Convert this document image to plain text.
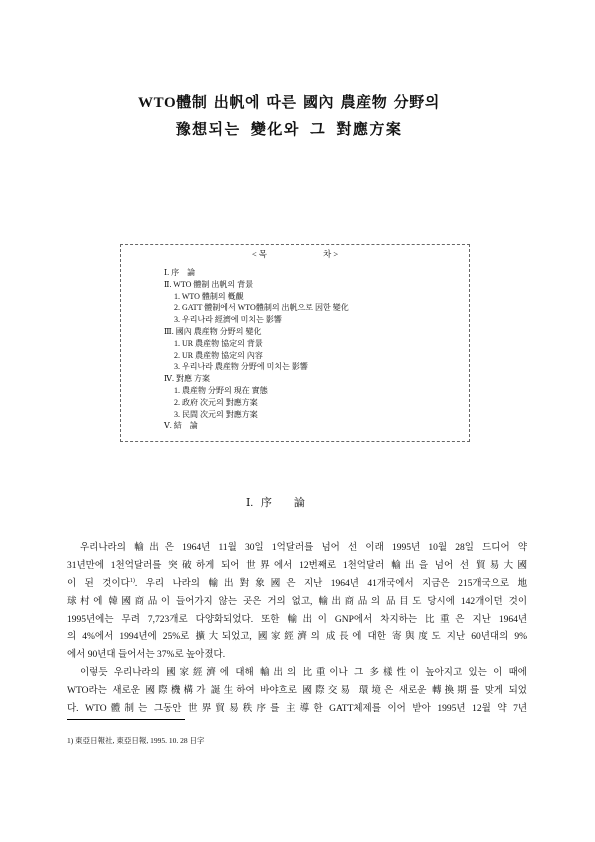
WTO體制 出帆에 따른 國內 農産物 分野의
豫想되는 變化와 그 對應方案
< 목	차 >
Ⅰ. 序　論
Ⅱ. WTO 體制 出帆의 背景
1. WTO 體制의 槪觀
2. GATT 體制에서 WTO體制의 出帆으로 因한 變化
3. 우리나라 經濟에 미치는 影響
Ⅲ. 國內 農産物 分野의 變化
1. UR 農産物 協定의 背景
2. UR 農産物 協定의 內容
3. 우리나라 農産物 分野에 미치는 影響
Ⅳ. 對應 方案
1. 農産物 分野의 現在 實態
2. 政府 次元의 對應方案
3. 民間 次元의 對應方案
Ⅴ. 結　論
Ⅰ. 序　　論
우리나라의 輸出은 1964년 11월 30일 1억달러를 넘어 선 이래 1995년 10월 28일 드디어 약
31년만에 1천억달러를 突破하게 되어 世界에서 12번째로 1천억달러 輸出을 넘어 선 貿易大國
이 된 것이다$^{1)}$. 우리 나라의 輸出對象國은 지난 1964년 41개국에서 지금은 215개국으로 地
球村에 韓國商品이 들어가지 않는 곳은 거의 없고, 輸出商品의 品目도 당시에 142개이던 것이
1995년에는 무려 7,723개로 다양화되었다. 또한 輸出이 GNP에서 차지하는 比重은 지난 1964년
의 4%에서 1994년에 25%로 擴大되었고, 國家經濟의 成長에 대한 寄與度도 지난 60년대의 9%
에서 90년대 들어서는 37%로 높아졌다.
이렇듯 우리나라의 國家經濟에 대해 輸出의 比重이나 그 多樣性이 높아지고 있는 이 때에
WTO라는 새로운 國際機構가 誕生하여 바야흐로 國際交易 環境은 새로운 轉換期를 맞게 되었
다. WTO體制는 그동안 世界貿易秩序를 主導한 GATT체제를 이어 받아 1995년 12월 약 7년
1) 東亞日報社, 東亞日報, 1995. 10. 28 日字
